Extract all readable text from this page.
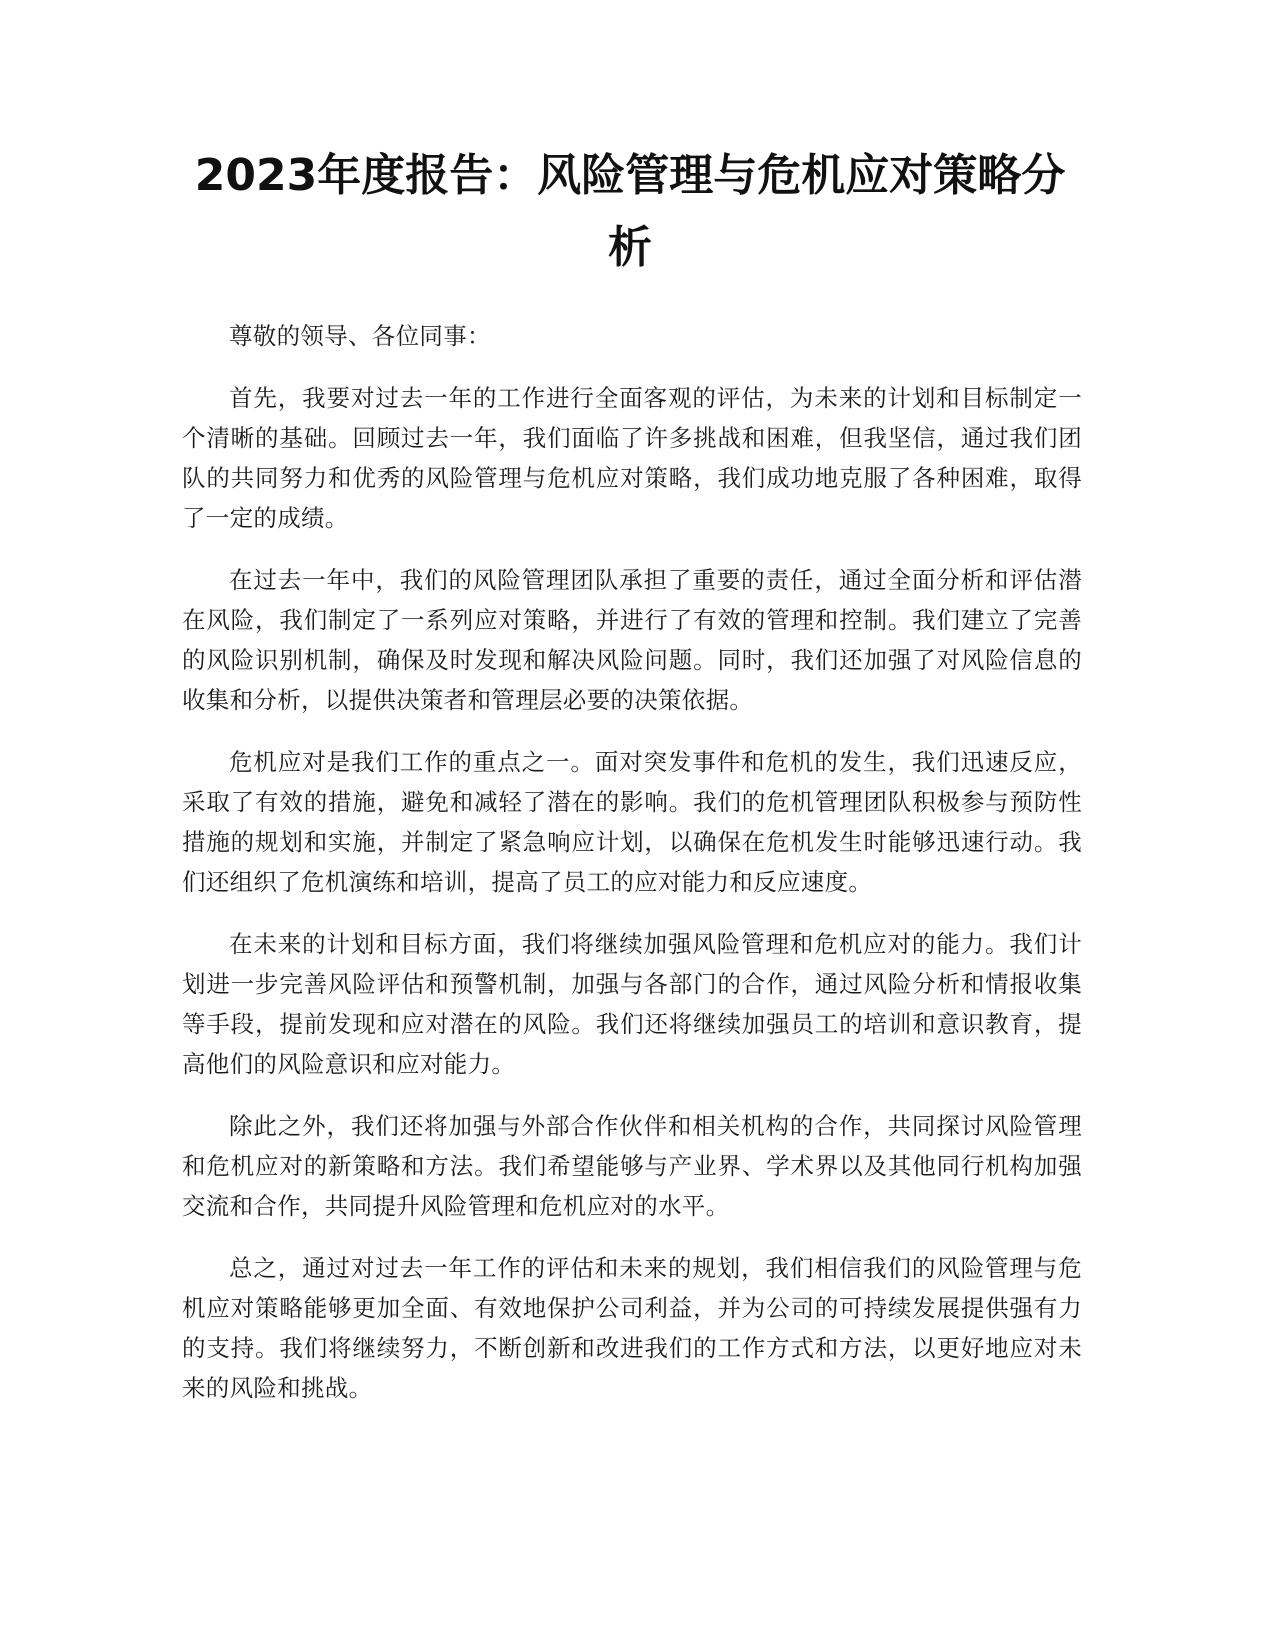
2023年度报告：风险管理与危机应对策略分析

尊敬的领导、各位同事：

首先，我要对过去一年的工作进行全面客观的评估，为未来的计划和目标制定一个清晰的基础。回顾过去一年，我们面临了许多挑战和困难，但我坚信，通过我们团队的共同努力和优秀的风险管理与危机应对策略，我们成功地克服了各种困难，取得了一定的成绩。

在过去一年中，我们的风险管理团队承担了重要的责任，通过全面分析和评估潜在风险，我们制定了一系列应对策略，并进行了有效的管理和控制。我们建立了完善的风险识别机制，确保及时发现和解决风险问题。同时，我们还加强了对风险信息的收集和分析，以提供决策者和管理层必要的决策依据。

危机应对是我们工作的重点之一。面对突发事件和危机的发生，我们迅速反应，采取了有效的措施，避免和减轻了潜在的影响。我们的危机管理团队积极参与预防性措施的规划和实施，并制定了紧急响应计划，以确保在危机发生时能够迅速行动。我们还组织了危机演练和培训，提高了员工的应对能力和反应速度。

在未来的计划和目标方面，我们将继续加强风险管理和危机应对的能力。我们计划进一步完善风险评估和预警机制，加强与各部门的合作，通过风险分析和情报收集等手段，提前发现和应对潜在的风险。我们还将继续加强员工的培训和意识教育，提高他们的风险意识和应对能力。

除此之外，我们还将加强与外部合作伙伴和相关机构的合作，共同探讨风险管理和危机应对的新策略和方法。我们希望能够与产业界、学术界以及其他同行机构加强交流和合作，共同提升风险管理和危机应对的水平。

总之，通过对过去一年工作的评估和未来的规划，我们相信我们的风险管理与危机应对策略能够更加全面、有效地保护公司利益，并为公司的可持续发展提供强有力的支持。我们将继续努力，不断创新和改进我们的工作方式和方法，以更好地应对未来的风险和挑战。
